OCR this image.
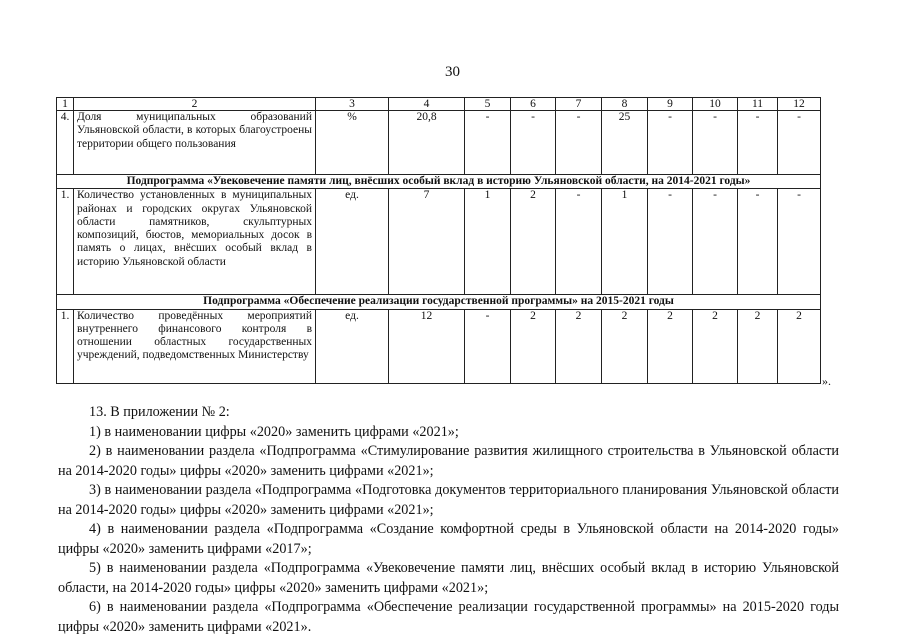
30
1	2	3	4	5	6	7	8	9	10	11	12
4.	Доля муниципальных образований Ульяновской области, в которых благоустроены территории общего пользования	%	20,8	-	-	-	25	-	-	-	-
Подпрограмма «Увековечение памяти лиц, внёсших особый вклад в историю Ульяновской области, на 2014-2021 годы»											
1.	Количество установленных в муниципальных районах и городских округах Ульяновской области памятников, скульптурных композиций, бюстов, мемориальных досок в память о лицах, внёсших особый вклад в историю Ульяновской области	ед.	7	1	2	-	1	-	-	-	-
Подпрограмма «Обеспечение реализации государственной программы» на 2015-2021 годы											
1.	Количество проведённых мероприятий внутреннего финансового контроля в отношении областных государственных учреждений, подведомственных Министерству	ед.	12	-	2	2	2	2	2	2	2
».

13. В приложении № 2:

1) в наименовании цифры «2020» заменить цифрами «2021»;

2) в наименовании раздела «Подпрограмма «Стимулирование развития жилищного строительства в Ульяновской области на 2014-2020 годы» цифры «2020» заменить цифрами «2021»;

3) в наименовании раздела «Подпрограмма «Подготовка документов территориального планирования Ульяновской области на 2014-2020 годы» цифры «2020» заменить цифрами «2021»;

4) в наименовании раздела «Подпрограмма «Создание комфортной среды в Ульяновской области на 2014-2020 годы» цифры «2020» заменить цифрами «2017»;

5) в наименовании раздела «Подпрограмма «Увековечение памяти лиц, внёсших особый вклад в историю Ульяновской области, на 2014-2020 годы» цифры «2020» заменить цифрами «2021»;

6) в наименовании раздела «Подпрограмма «Обеспечение реализации государственной программы» на 2015-2020 годы цифры «2020» заменить цифрами «2021».
